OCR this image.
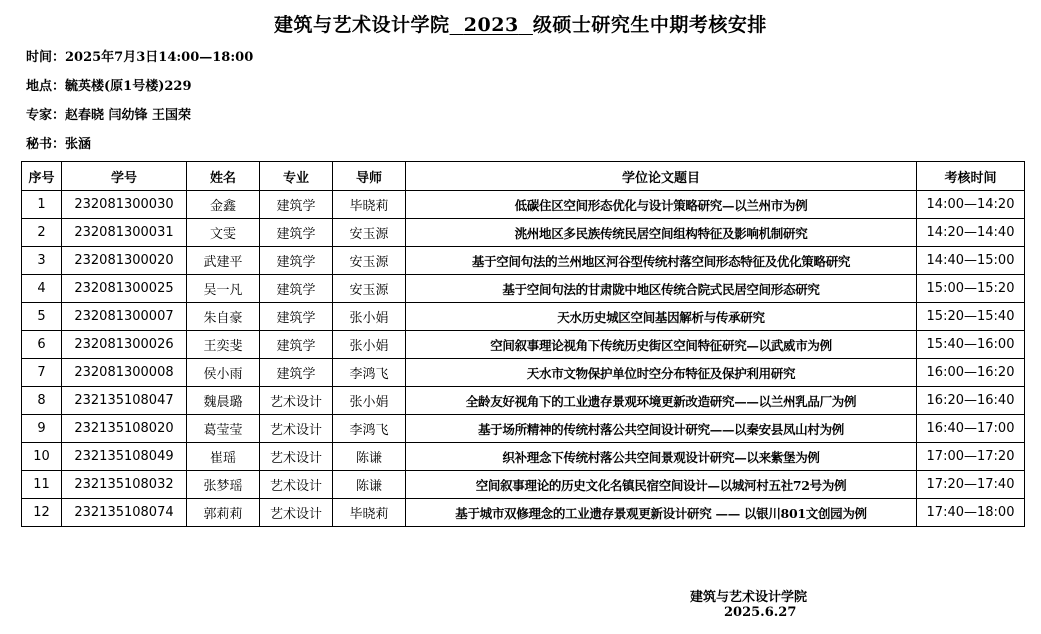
建筑与艺术设计学院 2023 级硕士研究生中期考核安排
时间：2025年7月3日14:00—18:00
地点：毓英楼(原1号楼)229
专家：赵春晓 闫幼锋 王国荣
秘书：张涵
序号	学号	姓名	专业	导师	学位论文题目	考核时间
1	232081300030	金鑫	建筑学	毕晓莉	低碳住区空间形态优化与设计策略研究—以兰州市为例	14:00—14:20
2	232081300031	文雯	建筑学	安玉源	洮州地区多民族传统民居空间组构特征及影响机制研究	14:20—14:40
3	232081300020	武建平	建筑学	安玉源	基于空间句法的兰州地区河谷型传统村落空间形态特征及优化策略研究	14:40—15:00
4	232081300025	吴一凡	建筑学	安玉源	基于空间句法的甘肃陇中地区传统合院式民居空间形态研究	15:00—15:20
5	232081300007	朱自豪	建筑学	张小娟	天水历史城区空间基因解析与传承研究	15:20—15:40
6	232081300026	王奕斐	建筑学	张小娟	空间叙事理论视角下传统历史街区空间特征研究—以武威市为例	15:40—16:00
7	232081300008	侯小雨	建筑学	李鸿飞	天水市文物保护单位时空分布特征及保护利用研究	16:00—16:20
8	232135108047	魏晨璐	艺术设计	张小娟	全龄友好视角下的工业遗存景观环境更新改造研究——以兰州乳品厂为例	16:20—16:40
9	232135108020	葛莹莹	艺术设计	李鸿飞	基于场所精神的传统村落公共空间设计研究——以秦安县凤山村为例	16:40—17:00
10	232135108049	崔瑶	艺术设计	陈谦	织补理念下传统村落公共空间景观设计研究—以来紫堡为例	17:00—17:20
11	232135108032	张梦瑶	艺术设计	陈谦	空间叙事理论的历史文化名镇民宿空间设计—以城河村五社72号为例	17:20—17:40
12	232135108074	郭莉莉	艺术设计	毕晓莉	基于城市双修理念的工业遗存景观更新设计研究 —— 以银川801文创园为例	17:40—18:00
建筑与艺术设计学院
2025.6.27
